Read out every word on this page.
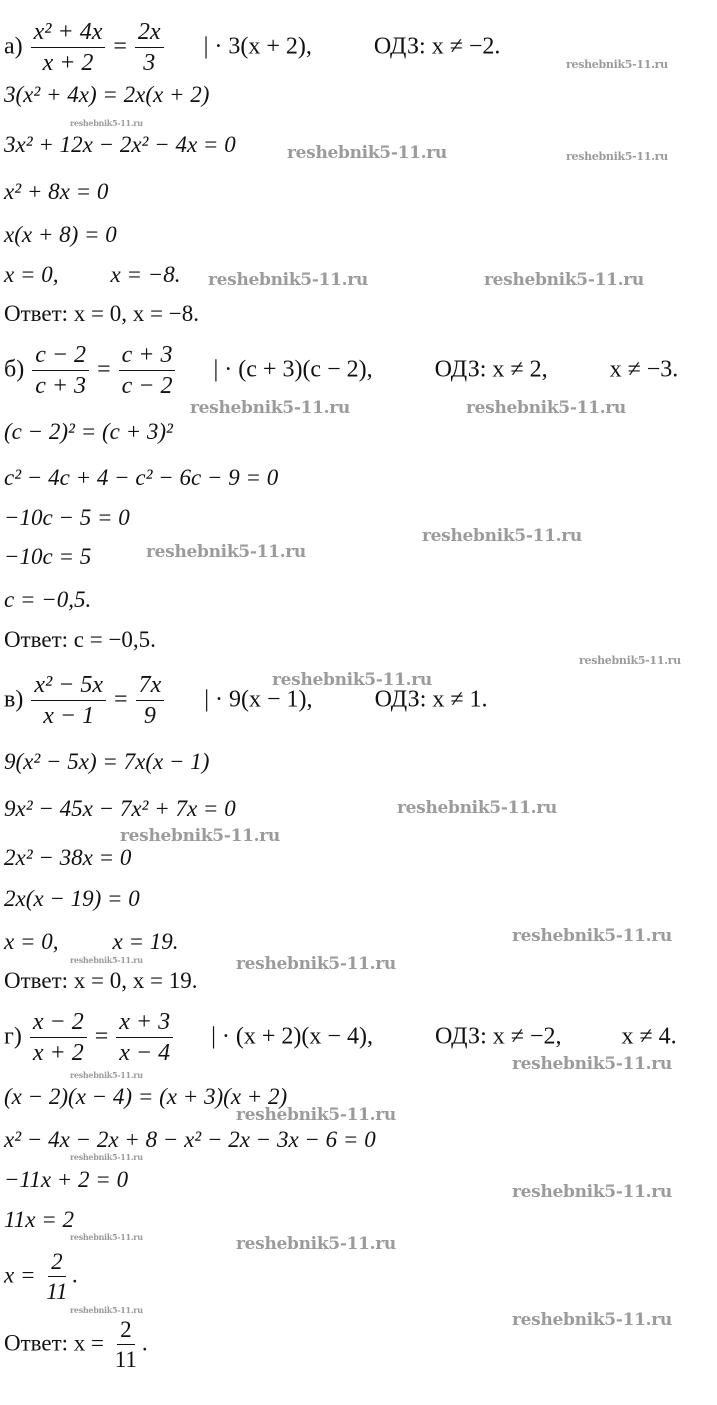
$а) \frac{\text{x² + 4x}}{x + 2} = \frac{2x}{3}$ | · 3(x + 2),	ОДЗ: x ≠ −2.
3(x² + 4x) = 2x(x + 2)
3x² + 12x − 2x² − 4x = 0
x² + 8x = 0
x(x + 8) = 0
x = 0, x = −8.
Ответ: x = 0, x = −8.
$б) \frac{c - 2}{c + 3} = \frac{c + 3}{c - 2}$ | · (c + 3)(c − 2),	ОДЗ: x ≠ 2,	x ≠ −3.
(c − 2)² = (c + 3)²
c² − 4c + 4 − c² − 6c − 9 = 0
−10c − 5 = 0
−10c = 5
c = −0,5.
Ответ: c = −0,5.
$в) \frac{\text{x² − 5x}}{x - 1} = \frac{7x}{9}$ | · 9(x − 1),	ОДЗ: x ≠ 1.
9(x² − 5x) = 7x(x − 1)
9x² − 45x − 7x² + 7x = 0
2x² − 38x = 0
2x(x − 19) = 0
x = 0, x = 19.
Ответ: x = 0, x = 19.
$г) \frac{x - 2}{x + 2} = \frac{x + 3}{x - 4}$ | · (x + 2)(x − 4),	ОДЗ: x ≠ −2,	x ≠ 4.
(x − 2)(x − 4) = (x + 3)(x + 2)
x² − 4x − 2x + 8 − x² − 2x − 3x − 6 = 0
−11x + 2 = 0
11x = 2
$x = \frac{2}{11}$ .
Ответ: $x = \frac{2}{11}$ .
reshebnik5-11.ru
reshebnik5-11.ru
reshebnik5-11.ru	reshebnik5-11.ru
reshebnik5-11.ru	reshebnik5-11.ru
reshebnik5-11.ru	reshebnik5-11.ru
reshebnik5-11.ru
reshebnik5-11.ru
reshebnik5-11.ru
reshebnik5-11.ru
reshebnik5-11.ru
reshebnik5-11.ru
reshebnik5-11.ru
reshebnik5-11.ru	reshebnik5-11.ru
reshebnik5-11.ru
reshebnik5-11.ru
reshebnik5-11.ru
reshebnik5-11.ru
reshebnik5-11.ru
reshebnik5-11.ru	reshebnik5-11.ru
reshebnik5-11.ru	reshebnik5-11.ru
